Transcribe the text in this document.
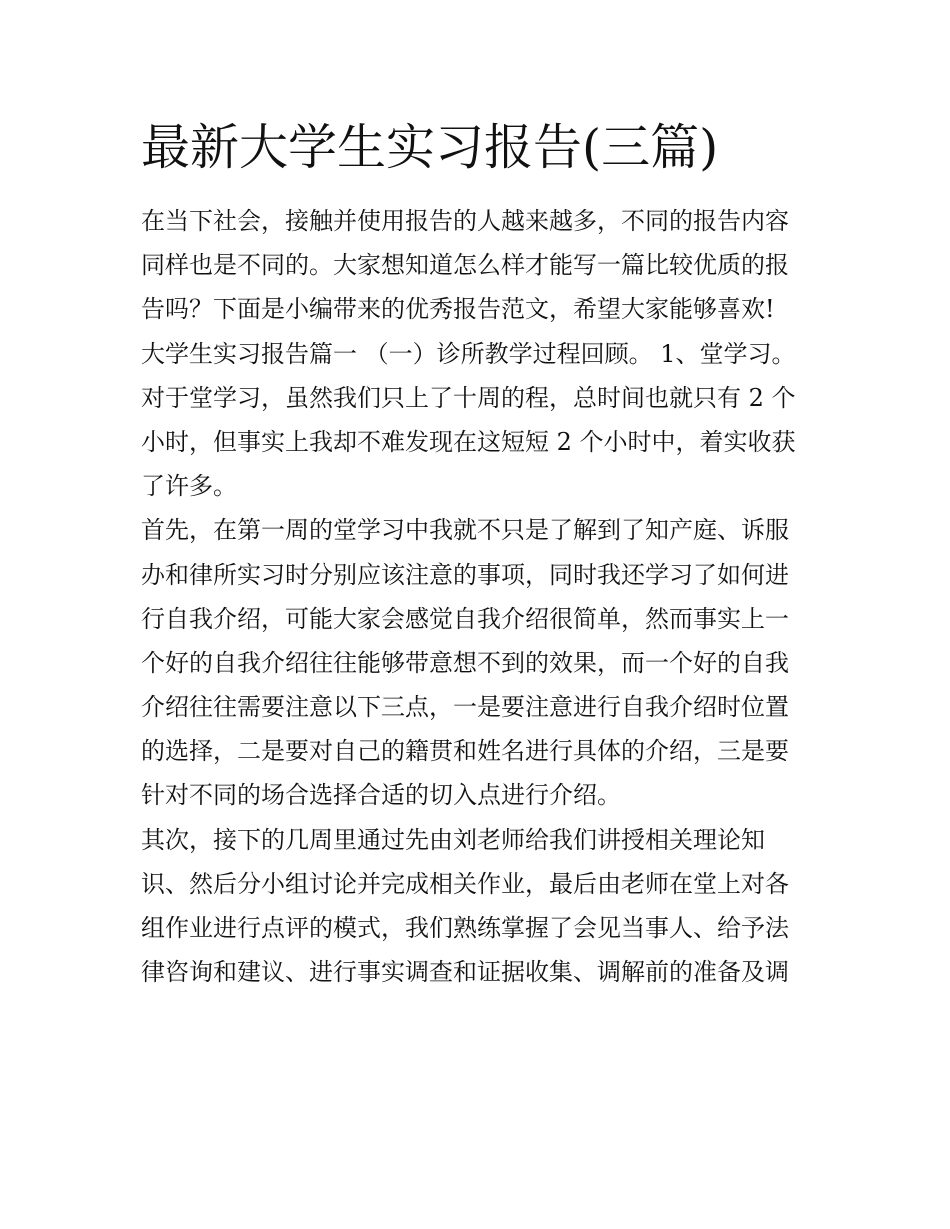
最新大学生实习报告(三篇)

在当下社会，接触并使用报告的人越来越多，不同的报告内容
同样也是不同的。大家想知道怎么样才能写一篇比较优质的报
告吗？下面是小编带来的优秀报告范文，希望大家能够喜欢!

大学生实习报告篇一 （一）诊所教学过程回顾。 1、堂学习。
对于堂学习，虽然我们只上了十周的程，总时间也就只有 2 个
小时，但事实上我却不难发现在这短短 2 个小时中，着实收获
了许多。

首先，在第一周的堂学习中我就不只是了解到了知产庭、诉服
办和律所实习时分别应该注意的事项，同时我还学习了如何进
行自我介绍，可能大家会感觉自我介绍很简单，然而事实上一
个好的自我介绍往往能够带意想不到的效果，而一个好的自我
介绍往往需要注意以下三点，一是要注意进行自我介绍时位置
的选择，二是要对自己的籍贯和姓名进行具体的介绍，三是要
针对不同的场合选择合适的切入点进行介绍。

其次，接下的几周里通过先由刘老师给我们讲授相关理论知
识、然后分小组讨论并完成相关作业，最后由老师在堂上对各
组作业进行点评的模式，我们熟练掌握了会见当事人、给予法
律咨询和建议、进行事实调查和证据收集、调解前的准备及调
